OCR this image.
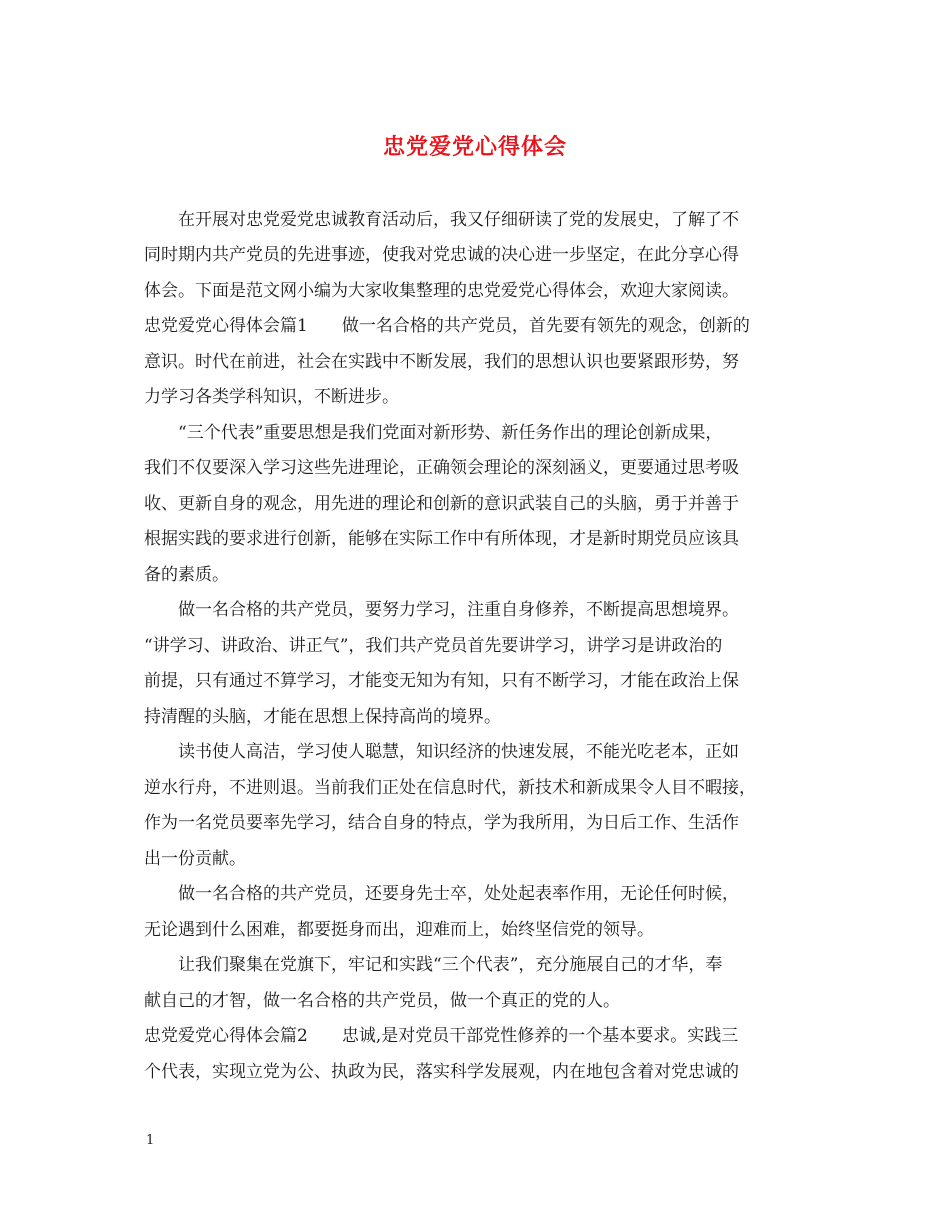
忠党爱党心得体会

在开展对忠党爱党忠诚教育活动后，我又仔细研读了党的发展史，了解了不

同时期内共产党员的先进事迹，使我对党忠诚的决心进一步坚定，在此分享心得

体会。下面是范文网小编为大家收集整理的忠党爱党心得体会，欢迎大家阅读。

忠党爱党心得体会篇1　　做一名合格的共产党员，首先要有领先的观念，创新的

意识。时代在前进，社会在实践中不断发展，我们的思想认识也要紧跟形势，努

力学习各类学科知识，不断进步。

“三个代表”重要思想是我们党面对新形势、新任务作出的理论创新成果，

我们不仅要深入学习这些先进理论，正确领会理论的深刻涵义，更要通过思考吸

收、更新自身的观念，用先进的理论和创新的意识武装自己的头脑，勇于并善于

根据实践的要求进行创新，能够在实际工作中有所体现，才是新时期党员应该具

备的素质。

做一名合格的共产党员，要努力学习，注重自身修养，不断提高思想境界。

“讲学习、讲政治、讲正气”，我们共产党员首先要讲学习，讲学习是讲政治的

前提，只有通过不算学习，才能变无知为有知，只有不断学习，才能在政治上保

持清醒的头脑，才能在思想上保持高尚的境界。

读书使人高洁，学习使人聪慧，知识经济的快速发展，不能光吃老本，正如

逆水行舟，不进则退。当前我们正处在信息时代，新技术和新成果令人目不暇接，

作为一名党员要率先学习，结合自身的特点，学为我所用，为日后工作、生活作

出一份贡献。

做一名合格的共产党员，还要身先士卒，处处起表率作用，无论任何时候，

无论遇到什么困难，都要挺身而出，迎难而上，始终坚信党的领导。

让我们聚集在党旗下，牢记和实践“三个代表”，充分施展自己的才华，奉

献自己的才智，做一名合格的共产党员，做一个真正的党的人。

忠党爱党心得体会篇2　　忠诚,是对党员干部党性修养的一个基本要求。实践三

个代表，实现立党为公、执政为民，落实科学发展观，内在地包含着对党忠诚的

1
